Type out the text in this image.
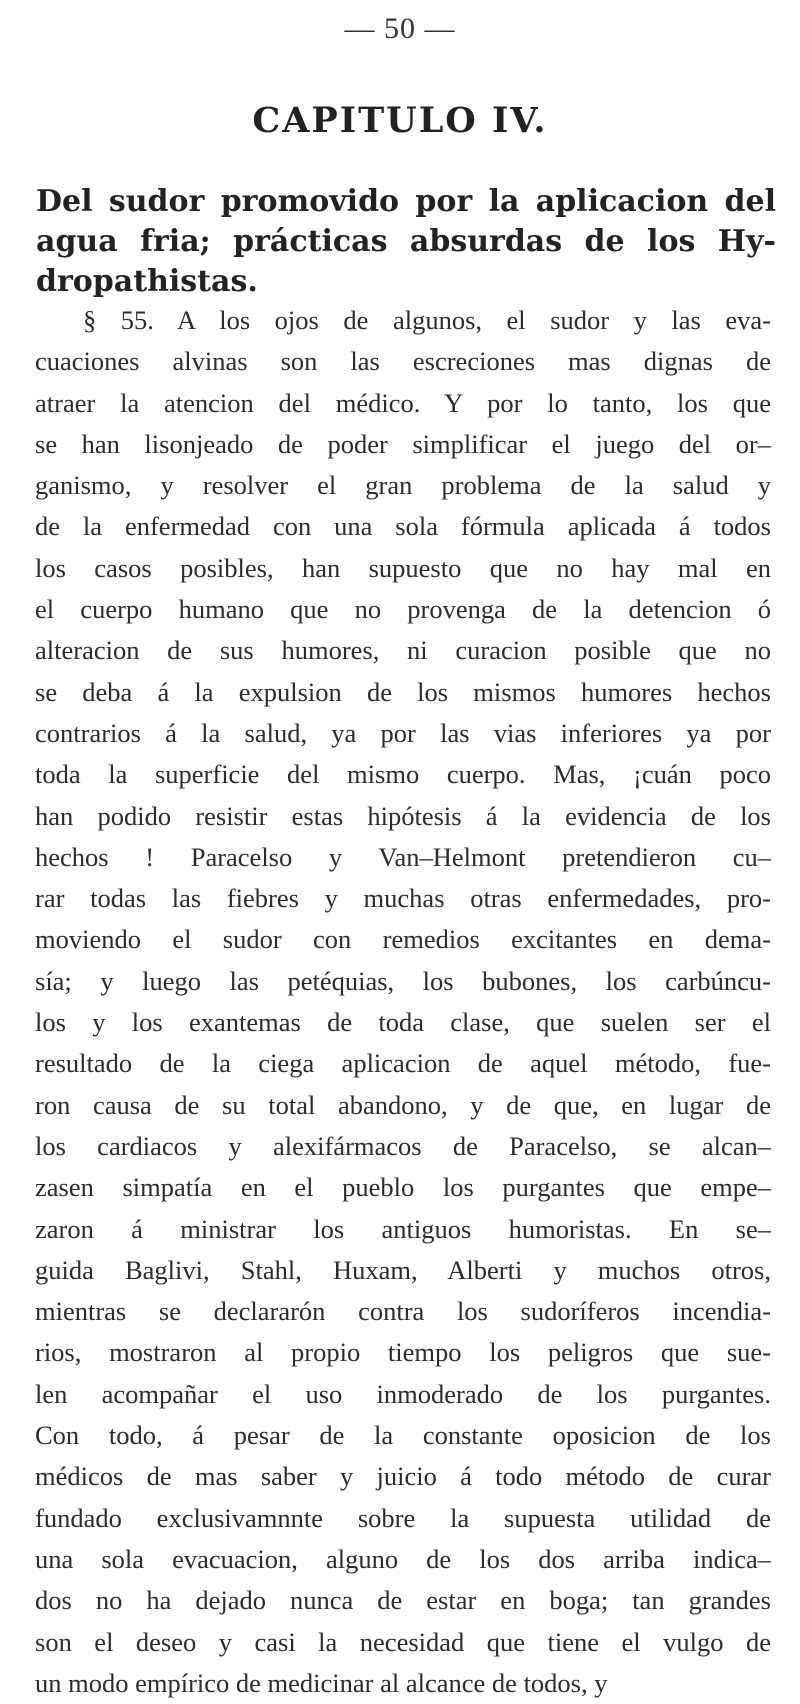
— 50 —
CAPITULO IV.
Del sudor promovido por la aplicacion del agua fria; prácticas absurdas de los Hy-dropathistas.
§ 55. A los ojos de algunos, el sudor y las eva-
cuaciones alvinas son las escreciones mas dignas de
atraer la atencion del médico. Y por lo tanto, los que
se han lisonjeado de poder simplificar el juego del or–
ganismo, y resolver el gran problema de la salud y
de la enfermedad con una sola fórmula aplicada á todos
los casos posibles, han supuesto que no hay mal en
el cuerpo humano que no provenga de la detencion ó
alteracion de sus humores, ni curacion posible que no
se deba á la expulsion de los mismos humores hechos
contrarios á la salud, ya por las vias inferiores ya por
toda la superficie del mismo cuerpo. Mas, ¡cuán poco
han podido resistir estas hipótesis á la evidencia de los
hechos ! Paracelso y Van–Helmont pretendieron cu–
rar todas las fiebres y muchas otras enfermedades, pro-
moviendo el sudor con remedios excitantes en dema-
sía; y luego las petéquias, los bubones, los carbúncu-
los y los exantemas de toda clase, que suelen ser el
resultado de la ciega aplicacion de aquel método, fue-
ron causa de su total abandono, y de que, en lugar de
los cardiacos y alexifármacos de Paracelso, se alcan–
zasen simpatía en el pueblo los purgantes que empe–
zaron á ministrar los antiguos humoristas. En se–
guida Baglivi, Stahl, Huxam, Alberti y muchos otros,
mientras se declararón contra los sudoríferos incendia-
rios, mostraron al propio tiempo los peligros que sue-
len acompañar el uso inmoderado de los purgantes.
Con todo, á pesar de la constante oposicion de los
médicos de mas saber y juicio á todo método de curar
fundado exclusivamnnte sobre la supuesta utilidad de
una sola evacuacion, alguno de los dos arriba indica–
dos no ha dejado nunca de estar en boga; tan grandes
son el deseo y casi la necesidad que tiene el vulgo de
un modo empírico de medicinar al alcance de todos, y
